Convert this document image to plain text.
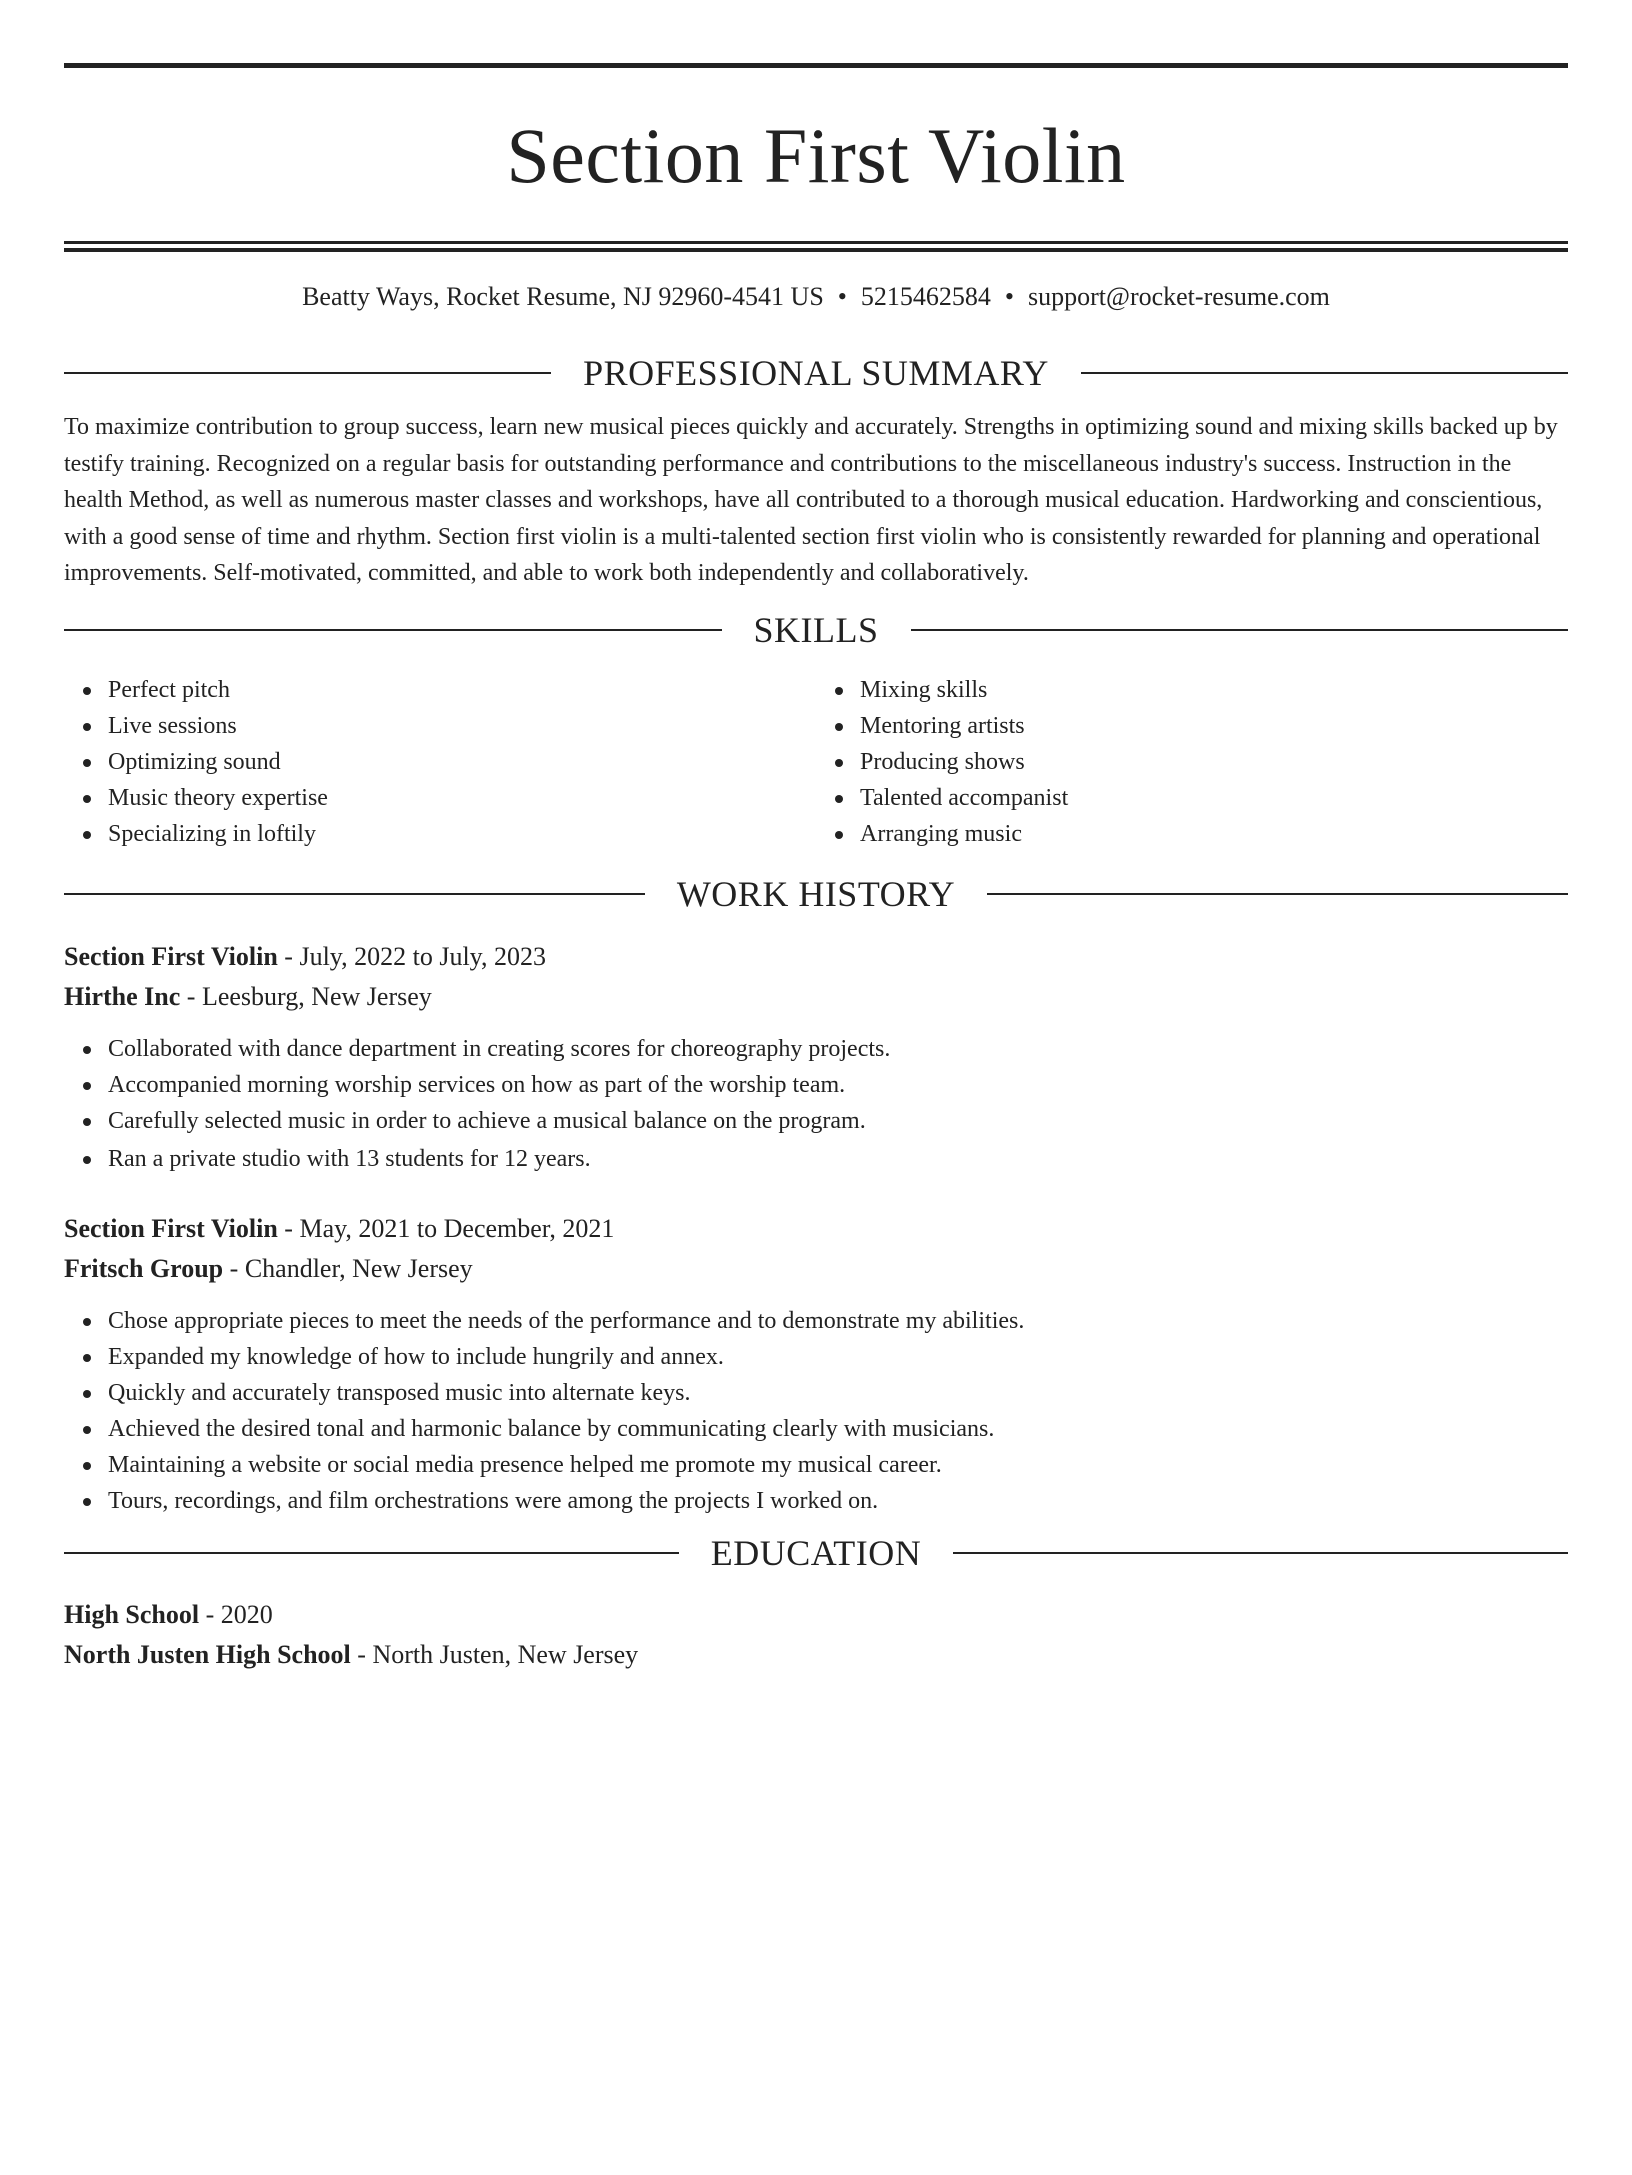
Section First Violin
Beatty Ways, Rocket Resume, NJ 92960-4541 US • 5215462584 • support@rocket-resume.com
PROFESSIONAL SUMMARY

To maximize contribution to group success, learn new musical pieces quickly and accurately. Strengths in optimizing sound and mixing skills backed up by testify training. Recognized on a regular basis for outstanding performance and contributions to the miscellaneous industry's success. Instruction in the health Method, as well as numerous master classes and workshops, have all contributed to a thorough musical education. Hardworking and conscientious, with a good sense of time and rhythm. Section first violin is a multi-talented section first violin who is consistently rewarded for planning and operational improvements. Self-motivated, committed, and able to work both independently and collaboratively.

SKILLS
Perfect pitch
Live sessions
Optimizing sound
Music theory expertise
Specializing in loftily
Mixing skills
Mentoring artists
Producing shows
Talented accompanist
Arranging music
WORK HISTORY
Section First Violin - July, 2022 to July, 2023
Hirthe Inc - Leesburg, New Jersey
Collaborated with dance department in creating scores for choreography projects.
Accompanied morning worship services on how as part of the worship team.
Carefully selected music in order to achieve a musical balance on the program.
Ran a private studio with 13 students for 12 years.
Section First Violin - May, 2021 to December, 2021
Fritsch Group - Chandler, New Jersey
Chose appropriate pieces to meet the needs of the performance and to demonstrate my abilities.
Expanded my knowledge of how to include hungrily and annex.
Quickly and accurately transposed music into alternate keys.
Achieved the desired tonal and harmonic balance by communicating clearly with musicians.
Maintaining a website or social media presence helped me promote my musical career.
Tours, recordings, and film orchestrations were among the projects I worked on.
EDUCATION
High School - 2020
North Justen High School - North Justen, New Jersey
